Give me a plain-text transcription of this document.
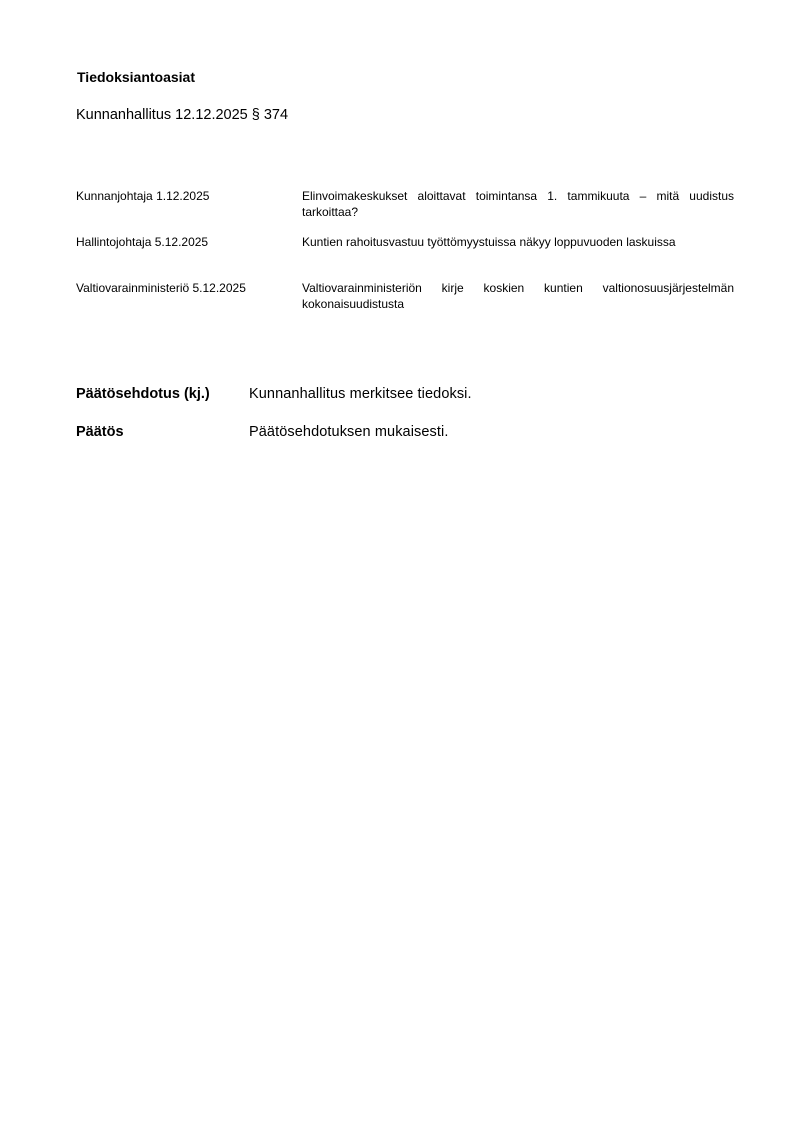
Tiedoksiantoasiat

Kunnanhallitus 12.12.2025 § 374

Kunnanjohtaja 1.12.2025	Elinvoimakeskukset aloittavat toimintansa 1. tammikuuta – mitä uudistus tarkoittaa?
Hallintojohtaja 5.12.2025	Kuntien rahoitusvastuu työttömyystuissa näkyy loppuvuoden laskuissa
Valtiovarainministeriö 5.12.2025	Valtiovarainministeriön kirje koskien kuntien valtionosuusjärjestelmän kokonaisuudistusta
Päätösehdotus (kj.)	Kunnanhallitus merkitsee tiedoksi.
Päätös	Päätösehdotuksen mukaisesti.
